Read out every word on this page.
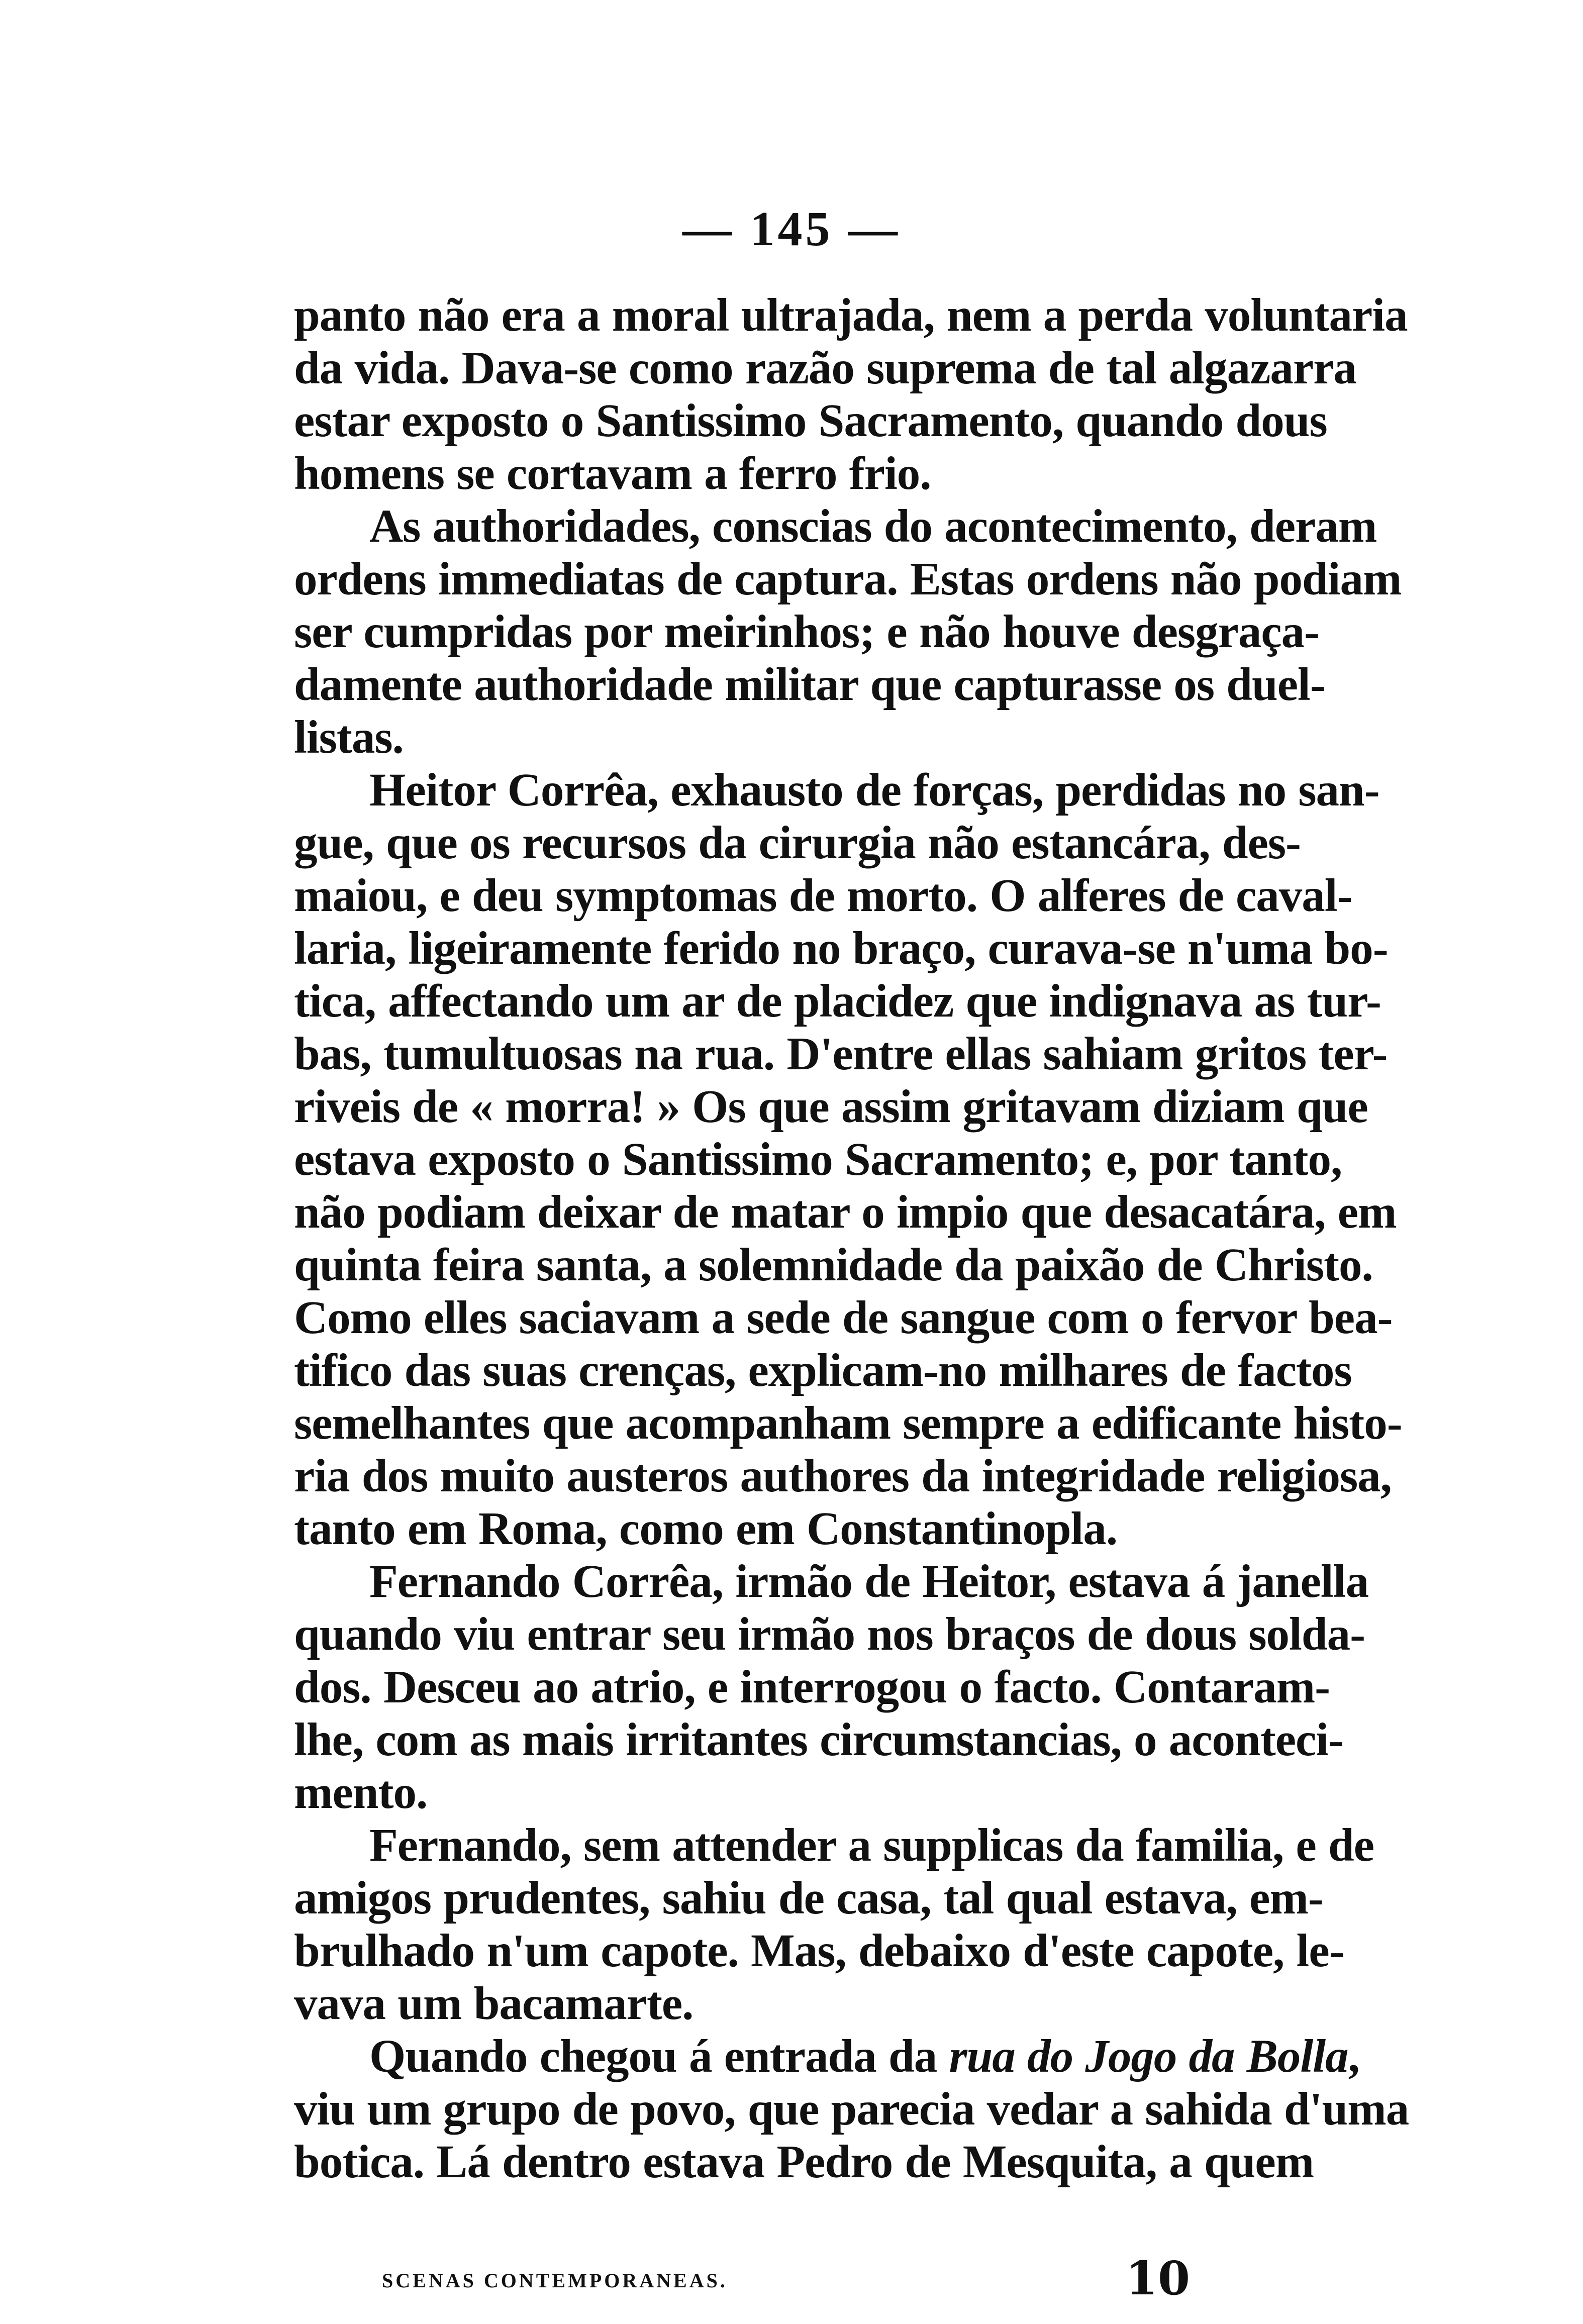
— 145 —
panto não era a moral ultrajada, nem a perda voluntaria
da vida. Dava-se como razão suprema de tal algazarra
estar exposto o Santissimo Sacramento, quando dous
homens se cortavam a ferro frio.
As authoridades, conscias do acontecimento, deram
ordens immediatas de captura. Estas ordens não podiam
ser cumpridas por meirinhos; e não houve desgraça-
damente authoridade militar que capturasse os duel-
listas.
Heitor Corrêa, exhausto de forças, perdidas no san-
gue, que os recursos da cirurgia não estancára, des-
maiou, e deu symptomas de morto. O alferes de caval-
laria, ligeiramente ferido no braço, curava-se n'uma bo-
tica, affectando um ar de placidez que indignava as tur-
bas, tumultuosas na rua. D'entre ellas sahiam gritos ter-
riveis de « morra! » Os que assim gritavam diziam que
estava exposto o Santissimo Sacramento; e, por tanto,
não podiam deixar de matar o impio que desacatára, em
quinta feira santa, a solemnidade da paixão de Christo.
Como elles saciavam a sede de sangue com o fervor bea-
tifico das suas crenças, explicam-no milhares de factos
semelhantes que acompanham sempre a edificante histo-
ria dos muito austeros authores da integridade religiosa,
tanto em Roma, como em Constantinopla.
Fernando Corrêa, irmão de Heitor, estava á janella
quando viu entrar seu irmão nos braços de dous solda-
dos. Desceu ao atrio, e interrogou o facto. Contaram-
lhe, com as mais irritantes circumstancias, o aconteci-
mento.
Fernando, sem attender a supplicas da familia, e de
amigos prudentes, sahiu de casa, tal qual estava, em-
brulhado n'um capote. Mas, debaixo d'este capote, le-
vava um bacamarte.
Quando chegou á entrada da rua do Jogo da Bolla,
viu um grupo de povo, que parecia vedar a sahida d'uma
botica. Lá dentro estava Pedro de Mesquita, a quem
SCENAS CONTEMPORANEAS.	10
